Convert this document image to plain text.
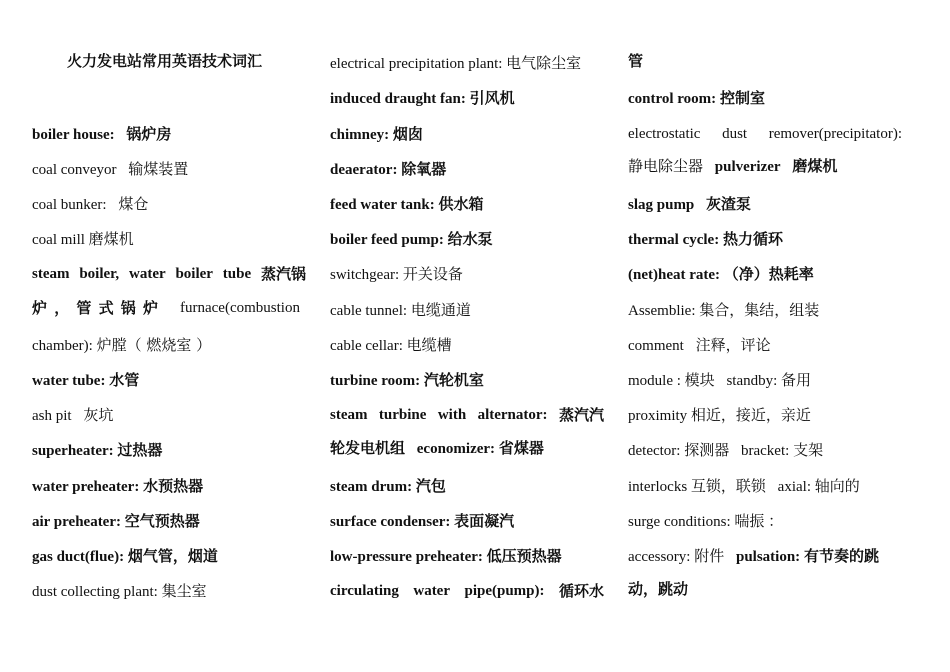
火力发电站常用英语技术词汇
boiler house: 锅炉房
coal conveyor 输煤装置
coal bunker: 煤仓
coal mill 磨煤机
steam boiler, water boiler tube 蒸汽锅
炉 ， 管 式 锅 炉 furnace(combustion
chamber): 炉膛（ 燃烧室 ）
water tube: 水管
ash pit 灰坑
superheater: 过热器
water preheater: 水预热器
air preheater: 空气预热器
gas duct(flue): 烟气管，烟道
dust collecting plant: 集尘室
electrical precipitation plant: 电气除尘室
induced draught fan: 引风机
chimney: 烟囱
deaerator: 除氧器
feed water tank: 供水箱
boiler feed pump: 给水泵
switchgear: 开关设备
cable tunnel: 电缆通道
cable cellar: 电缆槽
turbine room: 汽轮机室
steam turbine with alternator: 蒸汽汽
轮发电机组 economizer: 省煤器
steam drum: 汽包
surface condenser: 表面凝汽
low-pressure preheater: 低压预热器
circulating water pipe(pump): 循环水
管
control room: 控制室
electrostatic dust remover(precipitator):
静电除尘器 pulverizer 磨煤机
slag pump 灰渣泵
thermal cycle: 热力循环
(net)heat rate: （净）热耗率
Assemblie: 集合，集结，组装
comment 注释，评论
module : 模块 standby: 备用
proximity 相近，接近，亲近
detector: 探测器 bracket: 支架
interlocks 互锁，联锁 axial: 轴向的
surge conditions: 喘振 ：
accessory: 附件 pulsation: 有节奏的跳
动，跳动
